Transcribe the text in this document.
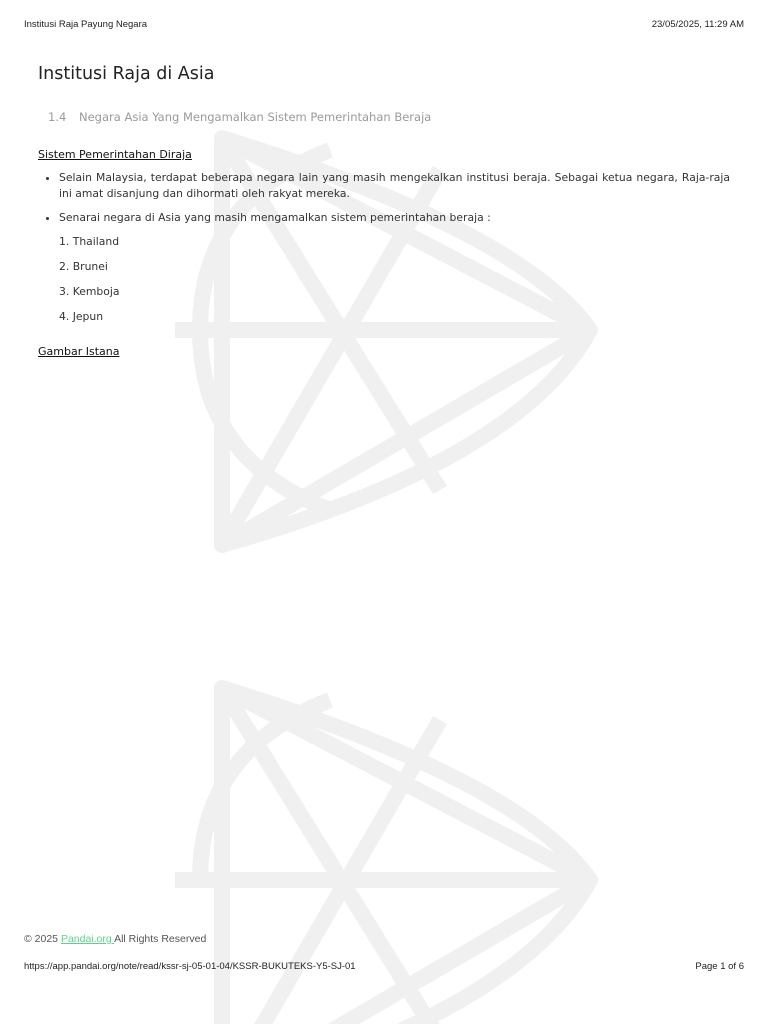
Institusi Raja Payung Negara	23/05/2025, 11:29 AM
Institusi Raja di Asia
1.4 Negara Asia Yang Mengamalkan Sistem Pemerintahan Beraja
Sistem Pemerintahan Diraja
• Selain Malaysia, terdapat beberapa negara lain yang masih mengekalkan institusi beraja. Sebagai ketua negara, Raja-raja ini amat disanjung dan dihormati oleh rakyat mereka.
• Senarai negara di Asia yang masih mengamalkan sistem pemerintahan beraja :
1. Thailand
2. Brunei
3. Kemboja
4. Jepun
Gambar Istana
© 2025 Pandai.org All Rights Reserved
https://app.pandai.org/note/read/kssr-sj-05-01-04/KSSR-BUKUTEKS-Y5-SJ-01	Page 1 of 6
